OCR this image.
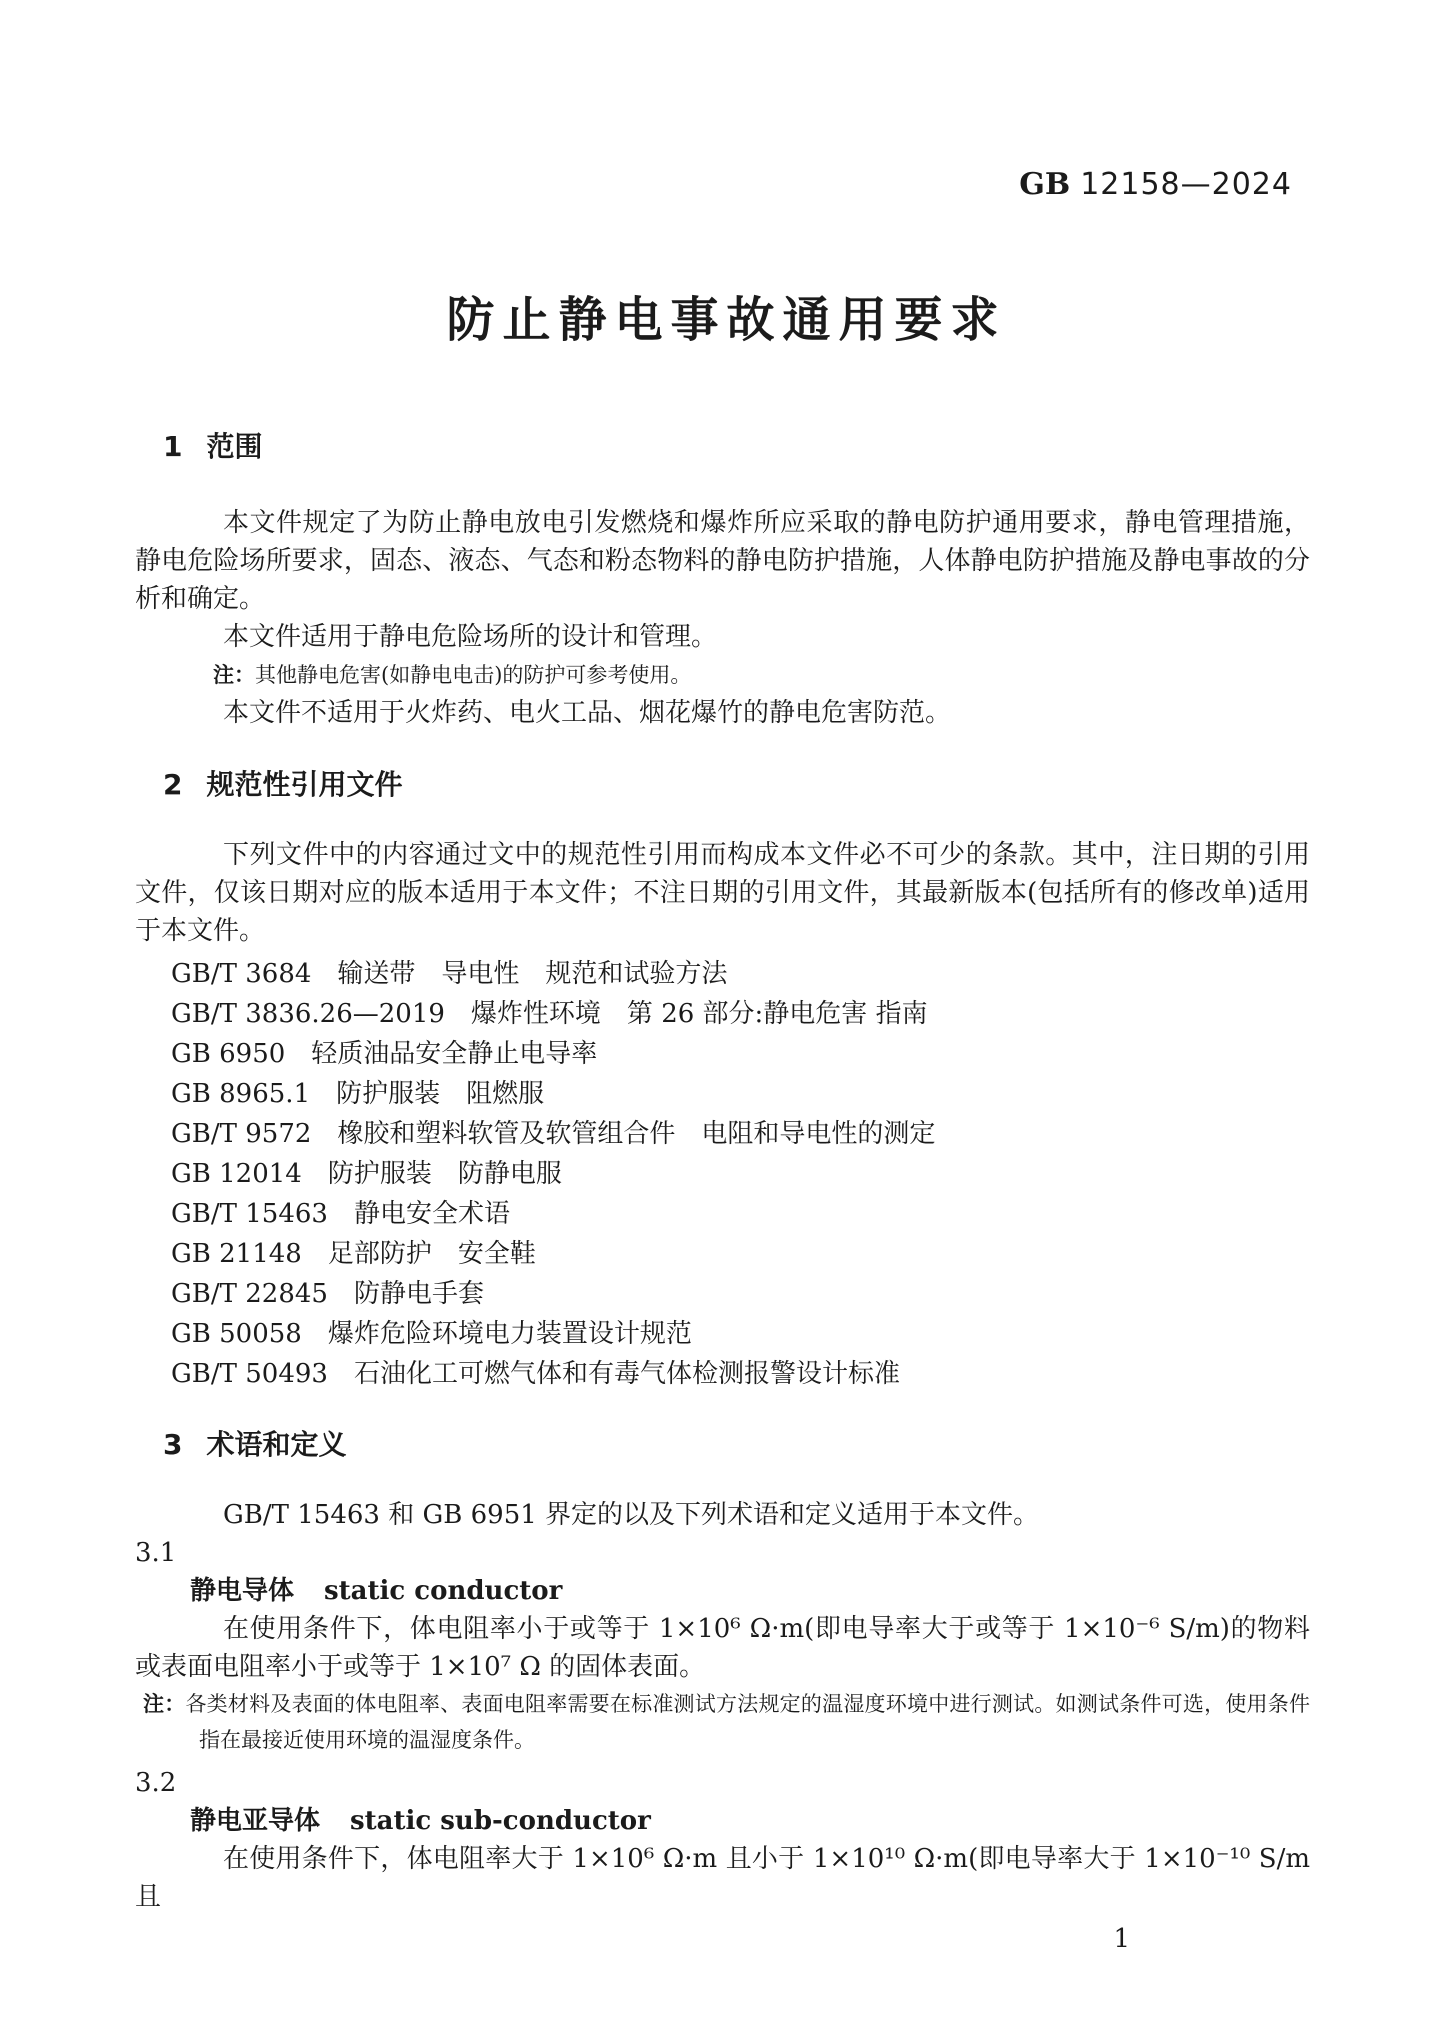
GB 12158—2024
防止静电事故通用要求
1 范围
本文件规定了为防止静电放电引发燃烧和爆炸所应采取的静电防护通用要求，静电管理措施，静电危险场所要求，固态、液态、气态和粉态物料的静电防护措施，人体静电防护措施及静电事故的分析和确定。
本文件适用于静电危险场所的设计和管理。
注：其他静电危害(如静电电击)的防护可参考使用。
本文件不适用于火炸药、电火工品、烟花爆竹的静电危害防范。
2 规范性引用文件
下列文件中的内容通过文中的规范性引用而构成本文件必不可少的条款。其中，注日期的引用文件，仅该日期对应的版本适用于本文件；不注日期的引用文件，其最新版本(包括所有的修改单)适用于本文件。
GB/T 3684　输送带　导电性　规范和试验方法
GB/T 3836.26—2019　爆炸性环境　第 26 部分:静电危害 指南
GB 6950　轻质油品安全静止电导率
GB 8965.1　防护服装　阻燃服
GB/T 9572　橡胶和塑料软管及软管组合件　电阻和导电性的测定
GB 12014　防护服装　防静电服
GB/T 15463　静电安全术语
GB 21148　足部防护　安全鞋
GB/T 22845　防静电手套
GB 50058　爆炸危险环境电力装置设计规范
GB/T 50493　石油化工可燃气体和有毒气体检测报警设计标准
3 术语和定义
GB/T 15463 和 GB 6951 界定的以及下列术语和定义适用于本文件。
3.1
静电导体 static conductor
在使用条件下，体电阻率小于或等于 1×10⁶ Ω·m(即电导率大于或等于 1×10⁻⁶ S/m)的物料或表面电阻率小于或等于 1×10⁷ Ω 的固体表面。
注：各类材料及表面的体电阻率、表面电阻率需要在标准测试方法规定的温湿度环境中进行测试。如测试条件可选，使用条件指在最接近使用环境的温湿度条件。
3.2
静电亚导体 static sub-conductor
在使用条件下，体电阻率大于 1×10⁶ Ω·m 且小于 1×10¹⁰ Ω·m(即电导率大于 1×10⁻¹⁰ S/m 且
1
